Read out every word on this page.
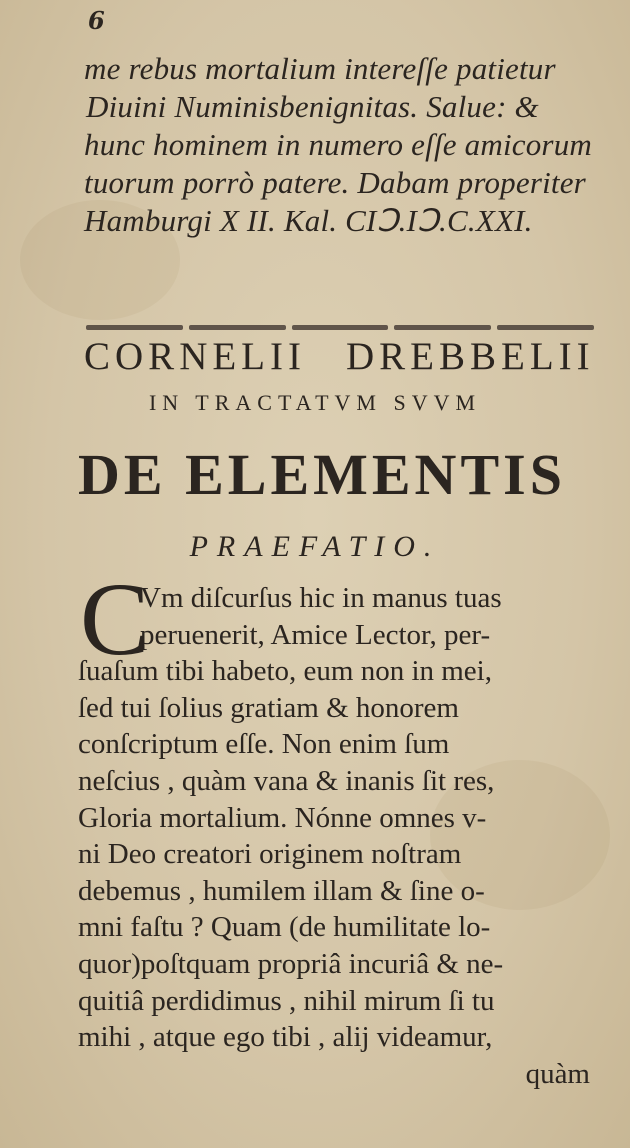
6
me rebus mortalium intereſſe patietur
Diuini Numinisbenignitas. Salue: &
hunc hominem in numero eſſe amicorum
tuorum porrò patere. Dabam properiter
Hamburgi X II. Kal. CIↃ.IↃ.C.XXI.
CORNELII DREBBELII
IN TRACTATVM SVVM
DE ELEMENTIS
PRAEFATIO.
C
Vm diſcurſus hic in manus tuas
peruenerit, Amice Lector, per-
ſuaſum tibi habeto, eum non in mei,
ſed tui ſolius gratiam & honorem
conſcriptum eſſe. Non enim ſum
neſcius , quàm vana & inanis ſit res,
Gloria mortalium. Nónne omnes v-
ni Deo creatori originem noſtram
debemus , humilem illam & ſine o-
mni faſtu ? Quam (de humilitate lo-
quor)poſtquam propriâ incuriâ & ne-
quitiâ perdidimus , nihil mirum ſi tu
mihi , atque ego tibi , alij videamur,
quàm
